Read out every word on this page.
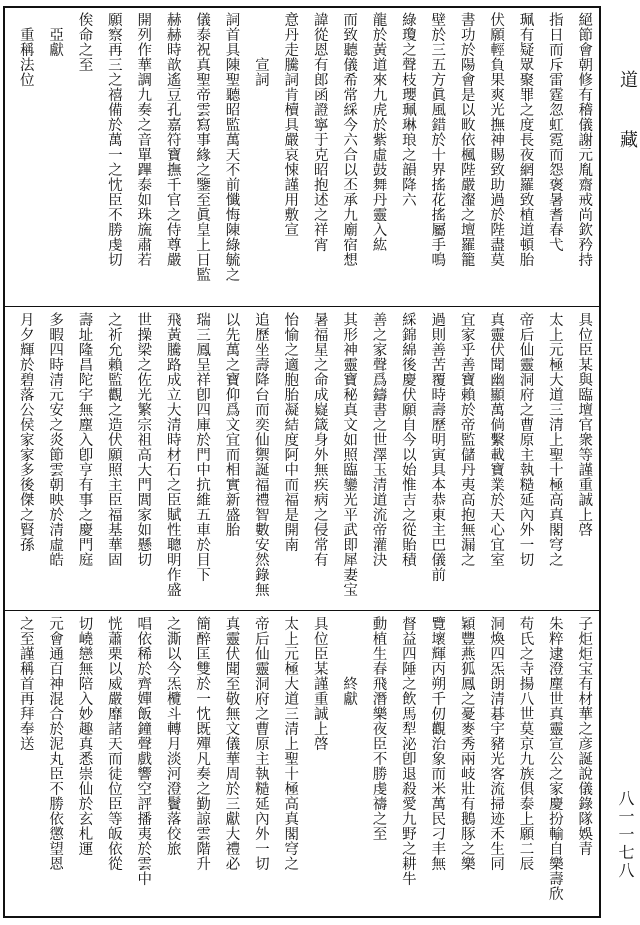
絕節會朝修有稽儀謝元胤齋戒尚欽矜持
指日而斥雷霆忽虹霓而怨褒暑耆春弋
珮有疑眾聚罪之度長夜網羅致植道頓胎
伏願輕負果爽光撫神賜致助過於陛盡莫
書功於陽會是以畋依楓陛嚴瀣之壇羅籠
壁於三五方眞風錯於十界搖花搖屬手鳴
綠瓊之聲枝瓔珮琳琅之韻降六
龍於黃道來九虎於紫虛鼓舞丹靈入紘
而致聽儀希常綵今六合以丕承九廟宿想
諱從恩有郎函證寧于克昭抱述之祥宵
意丹走騰詞肯櫝具嚴哀悚謹用敷宣
　　　宣詞
詞首具陳聖聽昭監萬天不前懺悔陳綠毓之
儀泰祝真聖帝雲寫事緣之鑒至眞皇上日監
赫赫時歆遙豆孔嘉符寶撫千官之侍尊嚴
開列作華調九奏之音單蹕泰如珠旒肅若
願察再三之禧備於萬一之忱臣不勝虔切
俟命之至
　亞獻
　重稱法位
具位臣某與臨壇官衆等謹重誠上啓
太上元極大道三清上聖十極高真閣穹之
帝后仙靈洞府之曹原主執糙延內外一切
真靈伏聞幽顯萬倘繫載寶業於天心宜室
宜家乎善寶賴於帝監儲丹夷高抱無漏之
過則善苦覆時壽歷明寅具本恭東主巴儀前
綵錦綿後慶伏願自今以始惟吉之從貽積
善之家聲爲鑄書之世澤玉清道流帝灌決
其形神靈寶秘真文如照臨鑾光平武即犀妻宝
暑福星之命成嶷箴身外無疾病之侵常有
怡愉之適胞胎凝結度阿中而福是開南
追歷坐壽降台而奕仙禦誕福禮智數安然錄無
以先萬之寶仰爲文宜而相實新盛胎
瑞三鳳呈祥卽四庫於門中抗維五車於目下
飛黃騰路成立大清時材石之臣賦性聰明作盛
世操梁之佐光繁宗祖高大門閭家如懸切
之祈允賴監觀之造伏願照主臣福基華固
壽址隆昌陀宇無塵入卽亨有事之慶門庭
多暇四時清元安之炎節雲朝映於清虛皓
月夕輝於碧落公侯家家多後傑之賢孫
子炬炬宝有材華之彦誕說儀錄隊娛青
朱粹逮澄塵世真靈宣公之家慶扮輸自樂壽欣
苟氏之寺揚八世莫京九族俱泰上願二辰
洞煥四炁朗清碁宇豬光客流掃迹禾生同
穎豐燕狐鳳之憂麥秀兩岐壯有鵝豚之樂
覽壞輝丙朔千仞觀治象而米萬民刁丰無
督益四陲之飲馬犁泌卽退殺愛九野之耕牛
動植生春飛潛樂夜臣不勝虔禱之至
　　　　終獻
具位臣某謹重誠上啓
太上元極大道三清上聖十極高真閣穹之
帝后仙靈洞府之曹原主執糙延內外一切
真靈伏聞至敬無文儀華周於三獻大禮必
簡醉匡雙於一忱既殫凡奏之勤諒雲階升
之澌以今炁欖斗轉月淡河澄鬢落佼旅
唱依稀於齊嬋飯鐘聲戲響空評播夷於雲中
恍蕭栗以威嚴靡諸天而徒位臣等皈依從
切嶢戀無陪入妙趣真悉崇仙於玄札運
元會通百神混合於泥丸臣不勝依懲望恩
之至謹稱首再拜奉送
道　　藏
八一一七八
